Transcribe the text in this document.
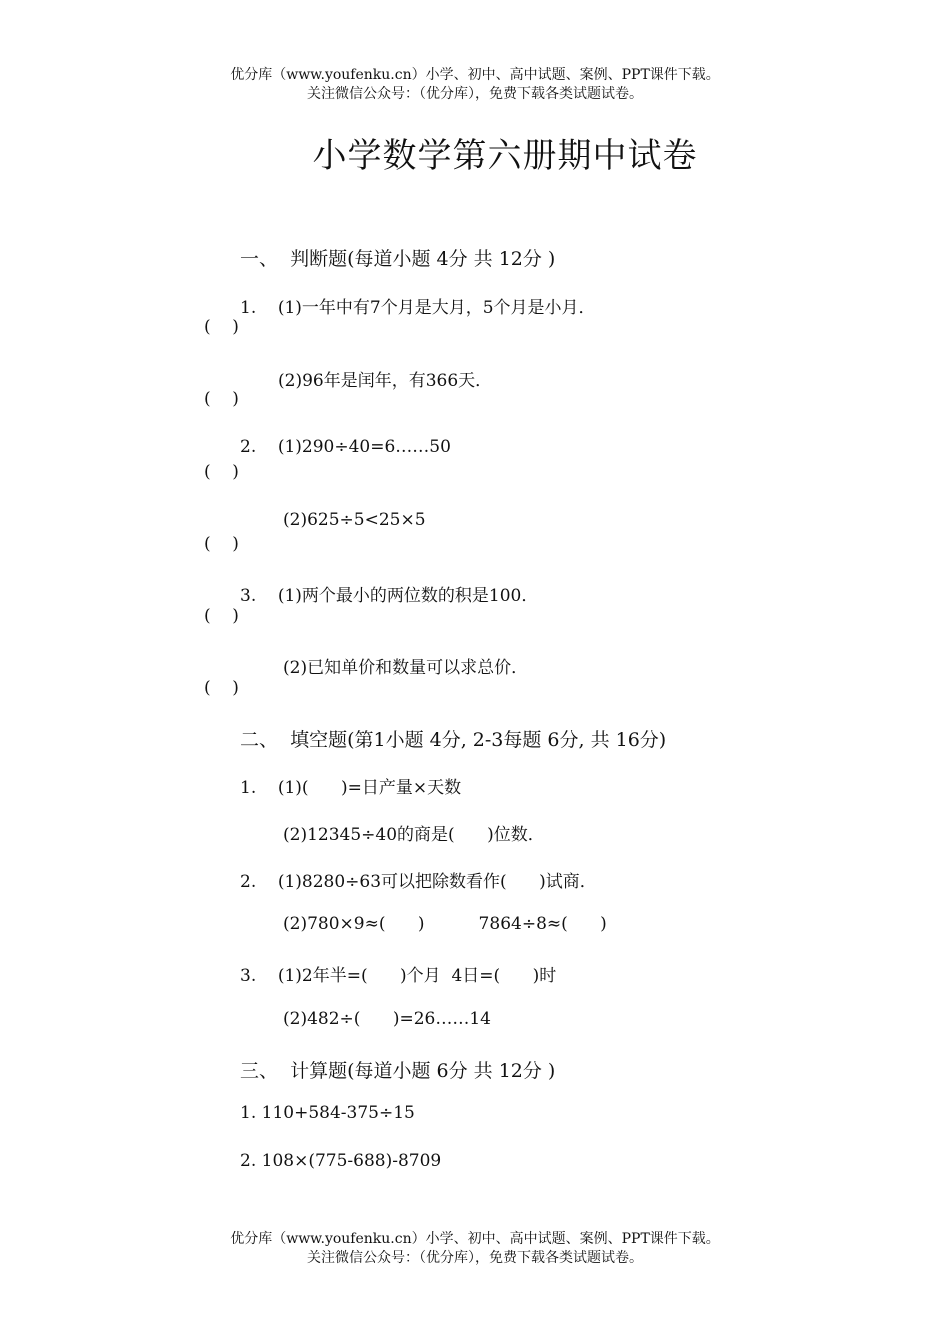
优分库（www.youfenku.cn）小学、初中、高中试题、案例、PPT课件下载。
关注微信公众号：（优分库），免费下载各类试题试卷。
小学数学第六册期中试卷
一、  判断题(每道小题 4分 共 12分 )
1.    (1)一年中有7个月是大月，5个月是小月．
(    )
(2)96年是闰年，有366天．
(    )
2.    (1)290÷40=6……50
(    )
(2)625÷5<25×5
(    )
3.    (1)两个最小的两位数的积是100．
(    )
(2)已知单价和数量可以求总价．
(    )
二、  填空题(第1小题 4分, 2-3每题 6分, 共 16分)
1.    (1)(      )=日产量×天数
(2)12345÷40的商是(      )位数．
2.    (1)8280÷63可以把除数看作(      )试商．
(2)780×9≈(      )          7864÷8≈(      )
3.    (1)2年半=(      )个月  4日=(      )时
(2)482÷(      )=26……14
三、  计算题(每道小题 6分 共 12分 )
1. 110+584-375÷15
2. 108×(775-688)-8709
优分库（www.youfenku.cn）小学、初中、高中试题、案例、PPT课件下载。
关注微信公众号：（优分库），免费下载各类试题试卷。
